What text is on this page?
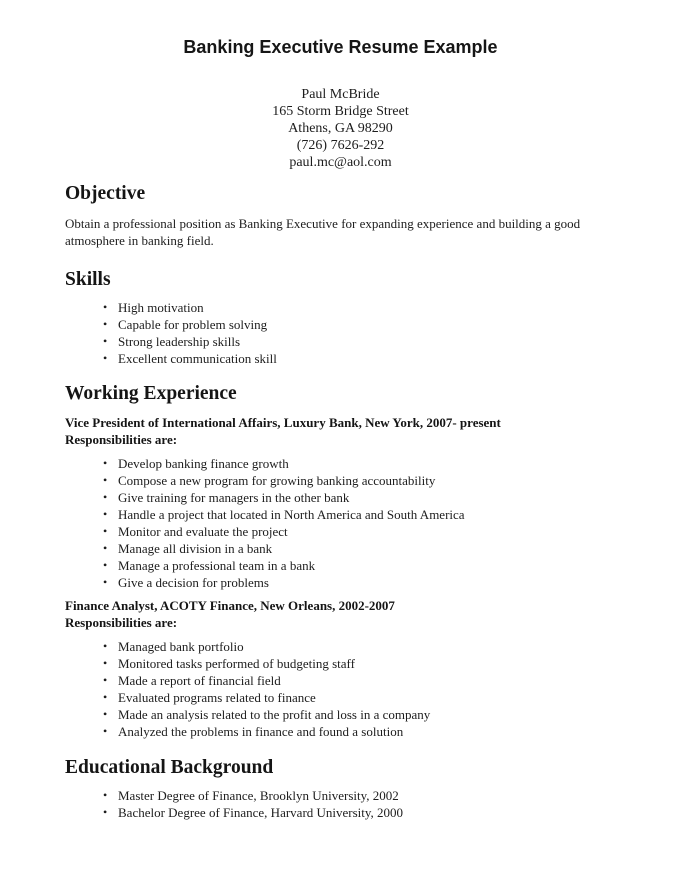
Banking Executive Resume Example
Paul McBride
165 Storm Bridge Street
Athens, GA 98290
(726) 7626-292
paul.mc@aol.com
Objective

Obtain a professional position as Banking Executive for expanding experience and building a good atmosphere in banking field.

Skills
• High motivation
• Capable for problem solving
• Strong leadership skills
• Excellent communication skill
Working Experience

Vice President of International Affairs, Luxury Bank, New York, 2007- present

Responsibilities are:

• Develop banking finance growth
• Compose a new program for growing banking accountability
• Give training for managers in the other bank
• Handle a project that located in North America and South America
• Monitor and evaluate the project
• Manage all division in a bank
• Manage a professional team in a bank
• Give a decision for problems

Finance Analyst, ACOTY Finance, New Orleans, 2002-2007

Responsibilities are:

• Managed bank portfolio
• Monitored tasks performed of budgeting staff
• Made a report of financial field
• Evaluated programs related to finance
• Made an analysis related to the profit and loss in a company
• Analyzed the problems in finance and found a solution
Educational Background
• Master Degree of Finance, Brooklyn University, 2002
• Bachelor Degree of Finance, Harvard University, 2000
